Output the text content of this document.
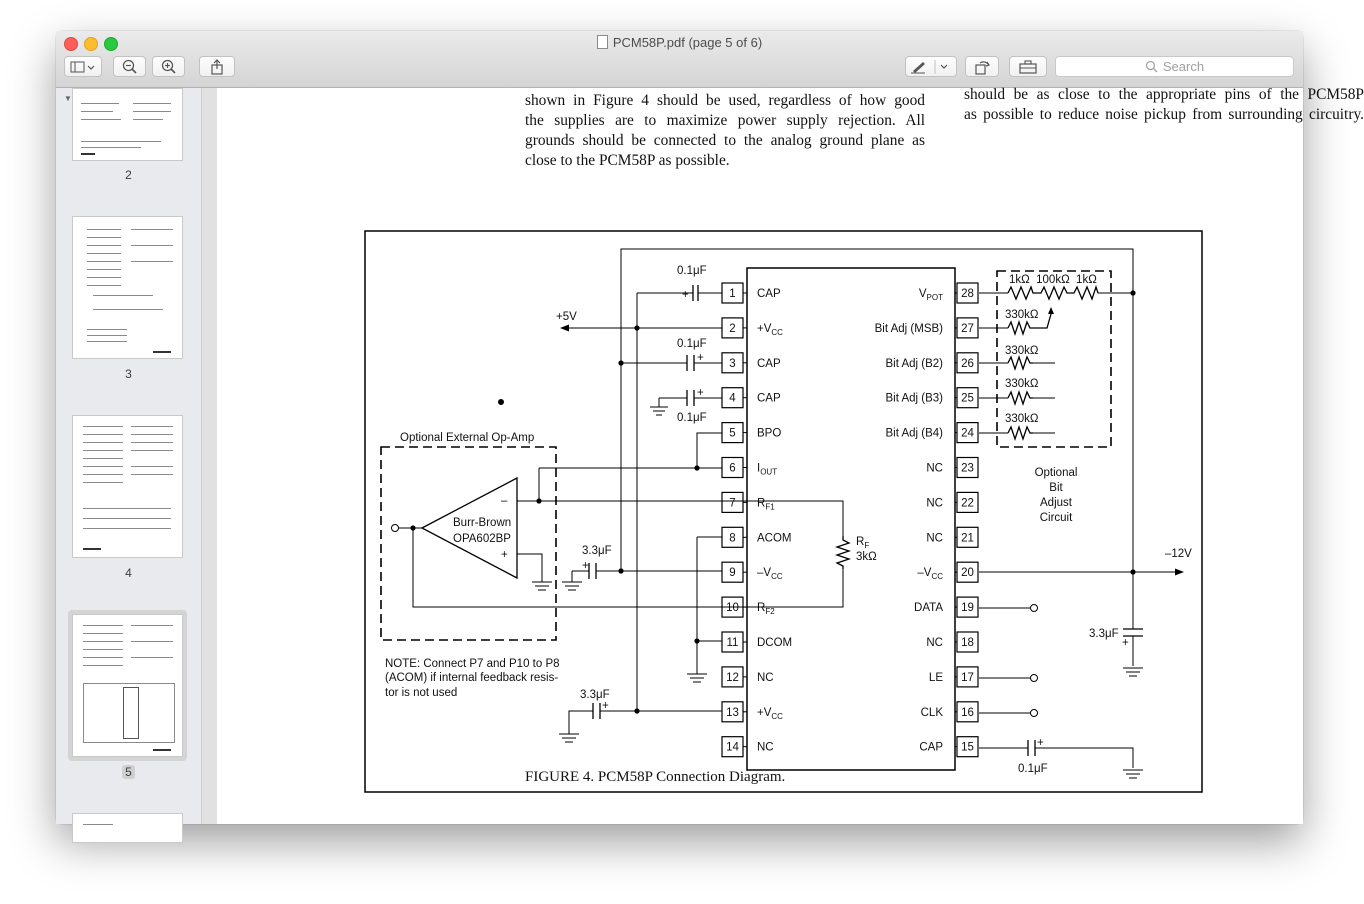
PCM58P.pdf (page 5 of 6)
Search
▼
2
3
4
5
shown in Figure 4 should be used, regardless of how good
the supplies are to maximize power supply rejection. All
grounds should be connected to the analog ground plane as
close to the PCM58P as possible.
should be as close to the appropriate pins of the PCM58P
as possible to reduce noise pickup from surrounding circuitry.
1 CAP
$2 +V_{CC}$
3 CAP
4 CAP
5 BPO
6 $I_{OUT}$
7 $R_{F1}$
8 ACOM
9 $-V_{CC}$
10 $R_{F2}$
11 DCOM
12 NC
$13 +V_{CC}$
14 NC
28
$V_{POT}$
27
Bit Adj (MSB)
26
Bit Adj (B2)
25
Bit Adj (B3)
24
Bit Adj (B4)
23
NC
22
NC
21
NC
20
$-V_{CC}$
19
DATA
18
NC
17
LE
16
CLK
15
CAP
0.1μF
0.1μF
0.1μF
3.3μF
3.3μF
0.1μF
3.3μF
+5V
–12V
Optional External Op-Amp
Burr-Brown
OPA602BP
–
+
+
+
+
+
+
+
+
$R_F$
3kΩ
1kΩ  100kΩ  1kΩ
330kΩ
330kΩ
330kΩ
330kΩ
Optional
Bit
Adjust
Circuit
NOTE: Connect P7 and P10 to P8
(ACOM) if internal feedback resis-
tor is not used
FIGURE 4. PCM58P Connection Diagram.
